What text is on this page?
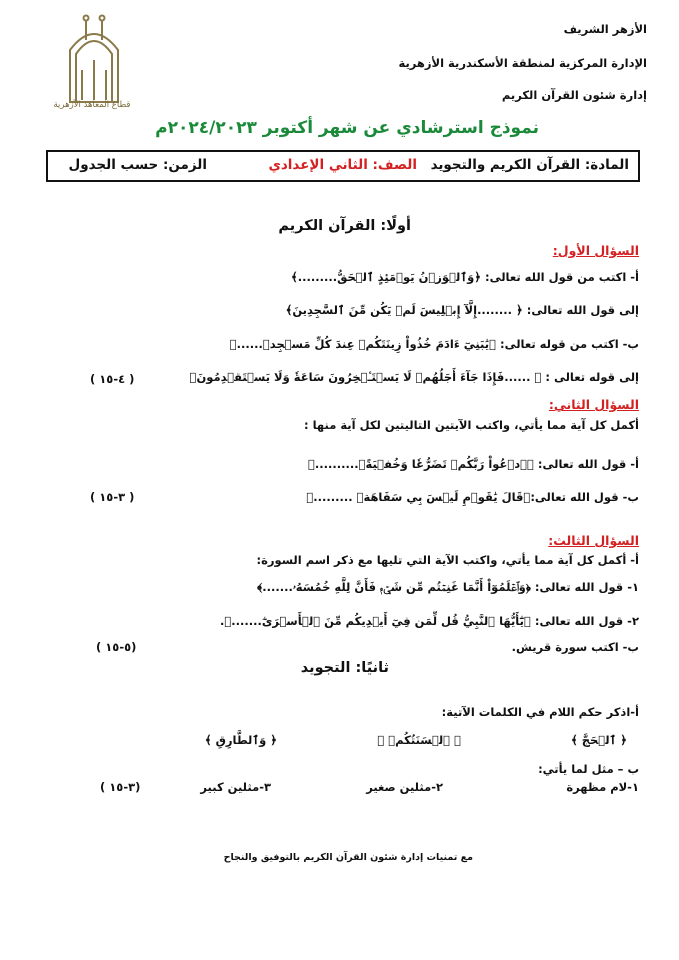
الأزهر الشريف
الإدارة المركزية لمنطقة الأسكندرية الأزهرية
إدارة شئون القرآن الكريم
قطاع المعاهد الأزهرية
نموذج استرشادي عن شهر أكتوبر ٢٠٢٤/٢٠٢٣م
المادة: القرآن الكريم والتجويد
الصف: الثاني الإعدادي
الزمن: حسب الجدول
أولًا: القرآن الكريم
السؤال الأول:
أ- اكتب من قول الله تعالى: ﴿وَٱلۡوَزۡنُ يَوۡمَئِذٍ ٱلۡحَقُّ.........﴾
إلى قول الله تعالى: ﴿ ........إِلَّآ إِبۡلِيسَ لَمۡ يَكُن مِّنَ ٱلسَّٰجِدِينَ﴾
ب- اكتب من قوله تعالى: ﴿يَٰبَنِيٓ ءَادَمَ خُذُواْ زِينَتَكُمۡ عِندَ كُلِّ مَسۡجِدٖ......﴾
إلى قوله تعالى : ﴿ ......فَإِذَا جَآءَ أَجَلُهُمۡ لَا يَسۡتَـٔۡخِرُونَ سَاعَةٗ وَلَا يَسۡتَقۡدِمُونَ﴾
( ٤-١٥ )
السؤال الثاني:
أكمل كل آية مما يأتي، واكتب الآيتين التاليتين لكل آية منها :
أ- قول الله تعالى: ﴿ٱدۡعُواْ رَبَّكُمۡ تَضَرُّعٗا وَخُفۡيَةًۚ..........﴾
ب- قول الله تعالى:﴿قَالَ يَٰقَوۡمِ لَيۡسَ بِي سَفَاهَةٞ .........﴾
( ٣-١٥ )
السؤال الثالث:
أ- أكمل كل آية مما يأتي، واكتب الآية التي تليها مع ذكر اسم السورة:
١- قول الله تعالى: ﴿وَٱعۡلَمُوٓاْ أَنَّمَا غَنِمۡتُم مِّن شَيۡءٖ فَأَنَّ لِلَّهِ خُمُسَهُۥ.......﴾
٢- قول الله تعالى: ﴿يَٰٓأَيُّهَا ٱلنَّبِيُّ قُل لِّمَن فِيٓ أَيۡدِيكُم مِّنَ ٱلۡأَسۡرَىٰٓ.......﴾.
ب- اكتب سورة قريش.
( ٥-١٥)
ثانيًا: التجويد
أ-اذكر حكم اللام في الكلمات الآتية:
﴿ ٱلۡحَجَّ ﴾
﴿ ٱلۡسَنَتُكُمۡ ﴾
﴿ وَٱلطَّارِقِ ﴾
ب – مثل لما يأتي:
١-لام مظهرة
٢-مثلين صغير
٣-مثلين كبير
( ٣-١٥)
مع تمنيات إدارة شئون القرآن الكريم بالتوفيق والنجاح
